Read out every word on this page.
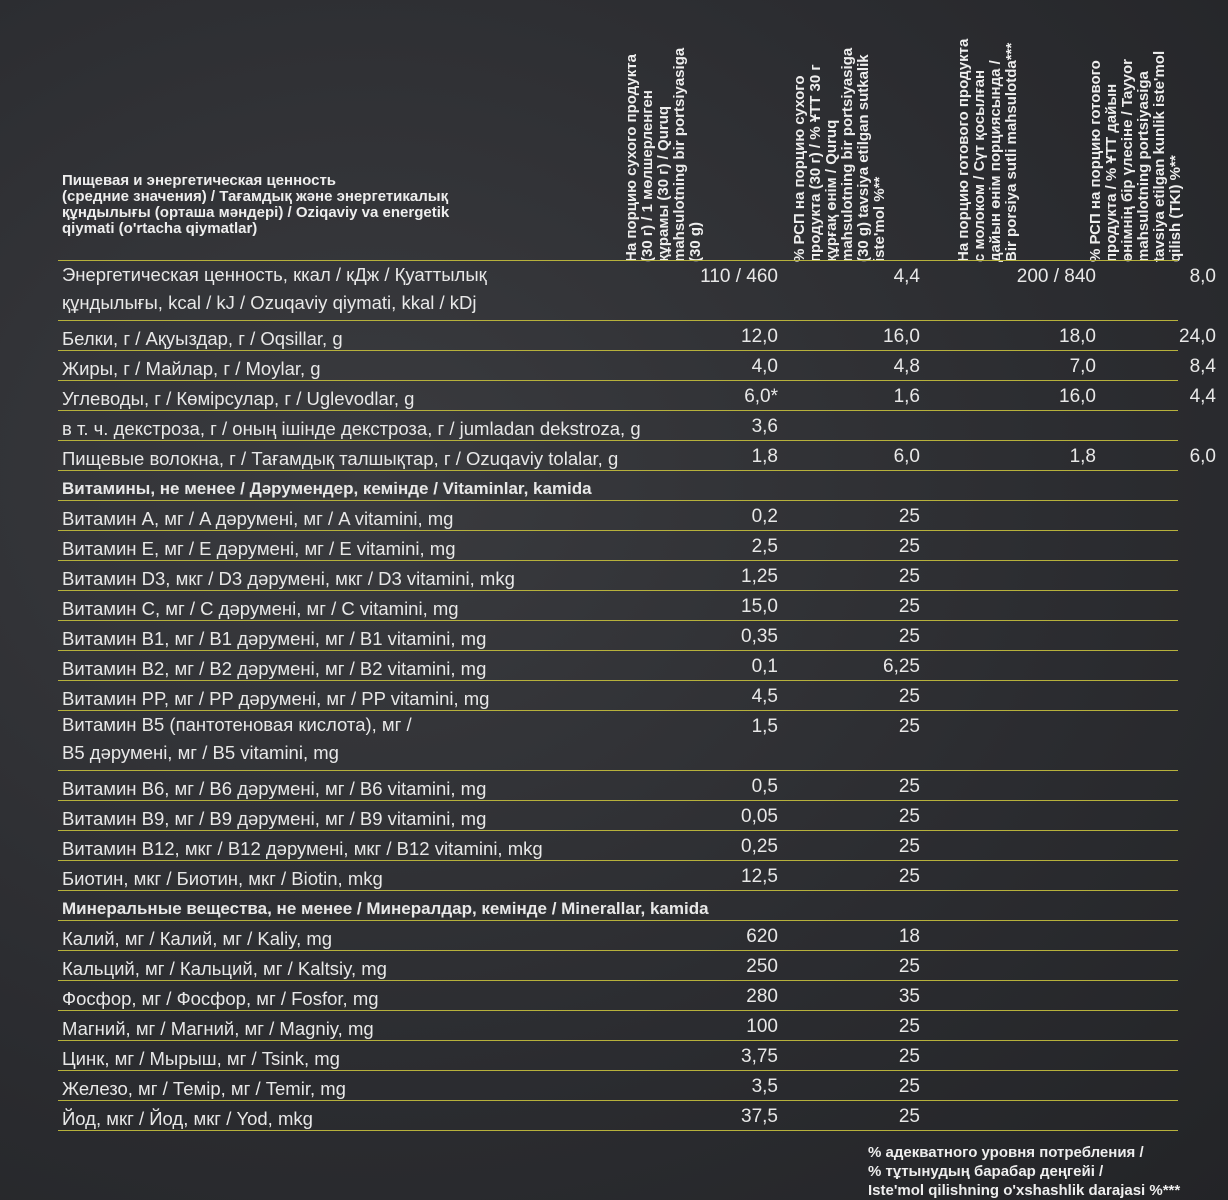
Пищевая и энергетическая ценность
(средние значения) / Тағамдық және энергетикалық
құндылығы (орташа мәндері) / Oziqaviy va energetik
qiymati (o'rtacha qiymatlar)	На порцию сухого продукта (30 г) / 1 мөлшерленген құрамы (30 г) / Quruq mahsulotning bir portsiyasiga (30 g)	% РСП на порцию сухого продукта (30 г) / % ҰТТ 30 г құрғақ өнім / Quruq mahsulotning bir portsiyasiga (30 g) tavsiya etilgan sutkalik iste'mol %**	На порцию готового продукта с молоком / Сүт қосылған дайын өнім порциясында / Bir porsiya sutli mahsulotda***	% РСП на порцию готового продукта / % ҰТТ дайын өнімнің бір үлесіне / Tayyor mahsulotning portsiyasiga tavsiya etilgan kunlik iste'mol qilish (TKI) %**
Энергетическая ценность, ккал / кДж / Қуаттылық
құндылығы, kcal / kJ / Ozuqaviy qiymati, kkal / kDj
110 / 460	4,4	200 / 840	8,0
Белки, г / Ақуыздар, г / Oqsillar, g	12,0	16,0	18,0	24,0
Жиры, г / Майлар, г / Moylar, g	4,0	4,8	7,0	8,4
Углеводы, г / Көмірсулар, г / Uglevodlar, g	6,0*	1,6	16,0	4,4
в т. ч. декстроза, г / оның ішінде декстроза, г / jumladan dekstroza, g	3,6
Пищевые волокна, г / Тағамдық талшықтар, г / Ozuqaviy tolalar, g	1,8	6,0	1,8	6,0
Витамины, не менее / Дәрумендер, кемінде / Vitaminlar, kamida
Витамин A, мг / A дәрумені, мг / A vitamini, mg	0,2	25
Витамин E, мг / E дәрумені, мг / E vitamini, mg	2,5	25
Витамин D3, мкг / D3 дәрумені, мкг / D3 vitamini, mkg	1,25	25
Витамин C, мг / C дәрумені, мг / C vitamini, mg	15,0	25
Витамин B1, мг / B1 дәрумені, мг / B1 vitamini, mg	0,35	25
Витамин B2, мг / B2 дәрумені, мг / B2 vitamini, mg	0,1	6,25
Витамин PP, мг / PP дәрумені, мг / PP vitamini, mg	4,5	25
Витамин B5 (пантотеновая кислота), мг /
B5 дәрумені, мг / B5 vitamini, mg
1,5	25
Витамин B6, мг / B6 дәрумені, мг / B6 vitamini, mg	0,5	25
Витамин B9, мг / B9 дәрумені, мг / B9 vitamini, mg	0,05	25
Витамин B12, мкг / B12 дәрумені, мкг / B12 vitamini, mkg	0,25	25
Биотин, мкг / Биотин, мкг / Biotin, mkg	12,5	25
Минеральные вещества, не менее / Минералдар, кемінде / Minerallar, kamida
Калий, мг / Калий, мг / Kaliy, mg	620	18
Кальций, мг / Кальций, мг / Kaltsiy, mg	250	25
Фосфор, мг / Фосфор, мг / Fosfor, mg	280	35
Магний, мг / Магний, мг / Magniy, mg	100	25
Цинк, мг / Мырыш, мг / Tsink, mg	3,75	25
Железо, мг / Темір, мг / Temir, mg	3,5	25
Йод, мкг / Йод, мкг / Yod, mkg	37,5	25
% адекватного уровня потребления /
% тұтынудың барабар деңгейі /
Iste'mol qilishning o'xshashlik darajasi %***
